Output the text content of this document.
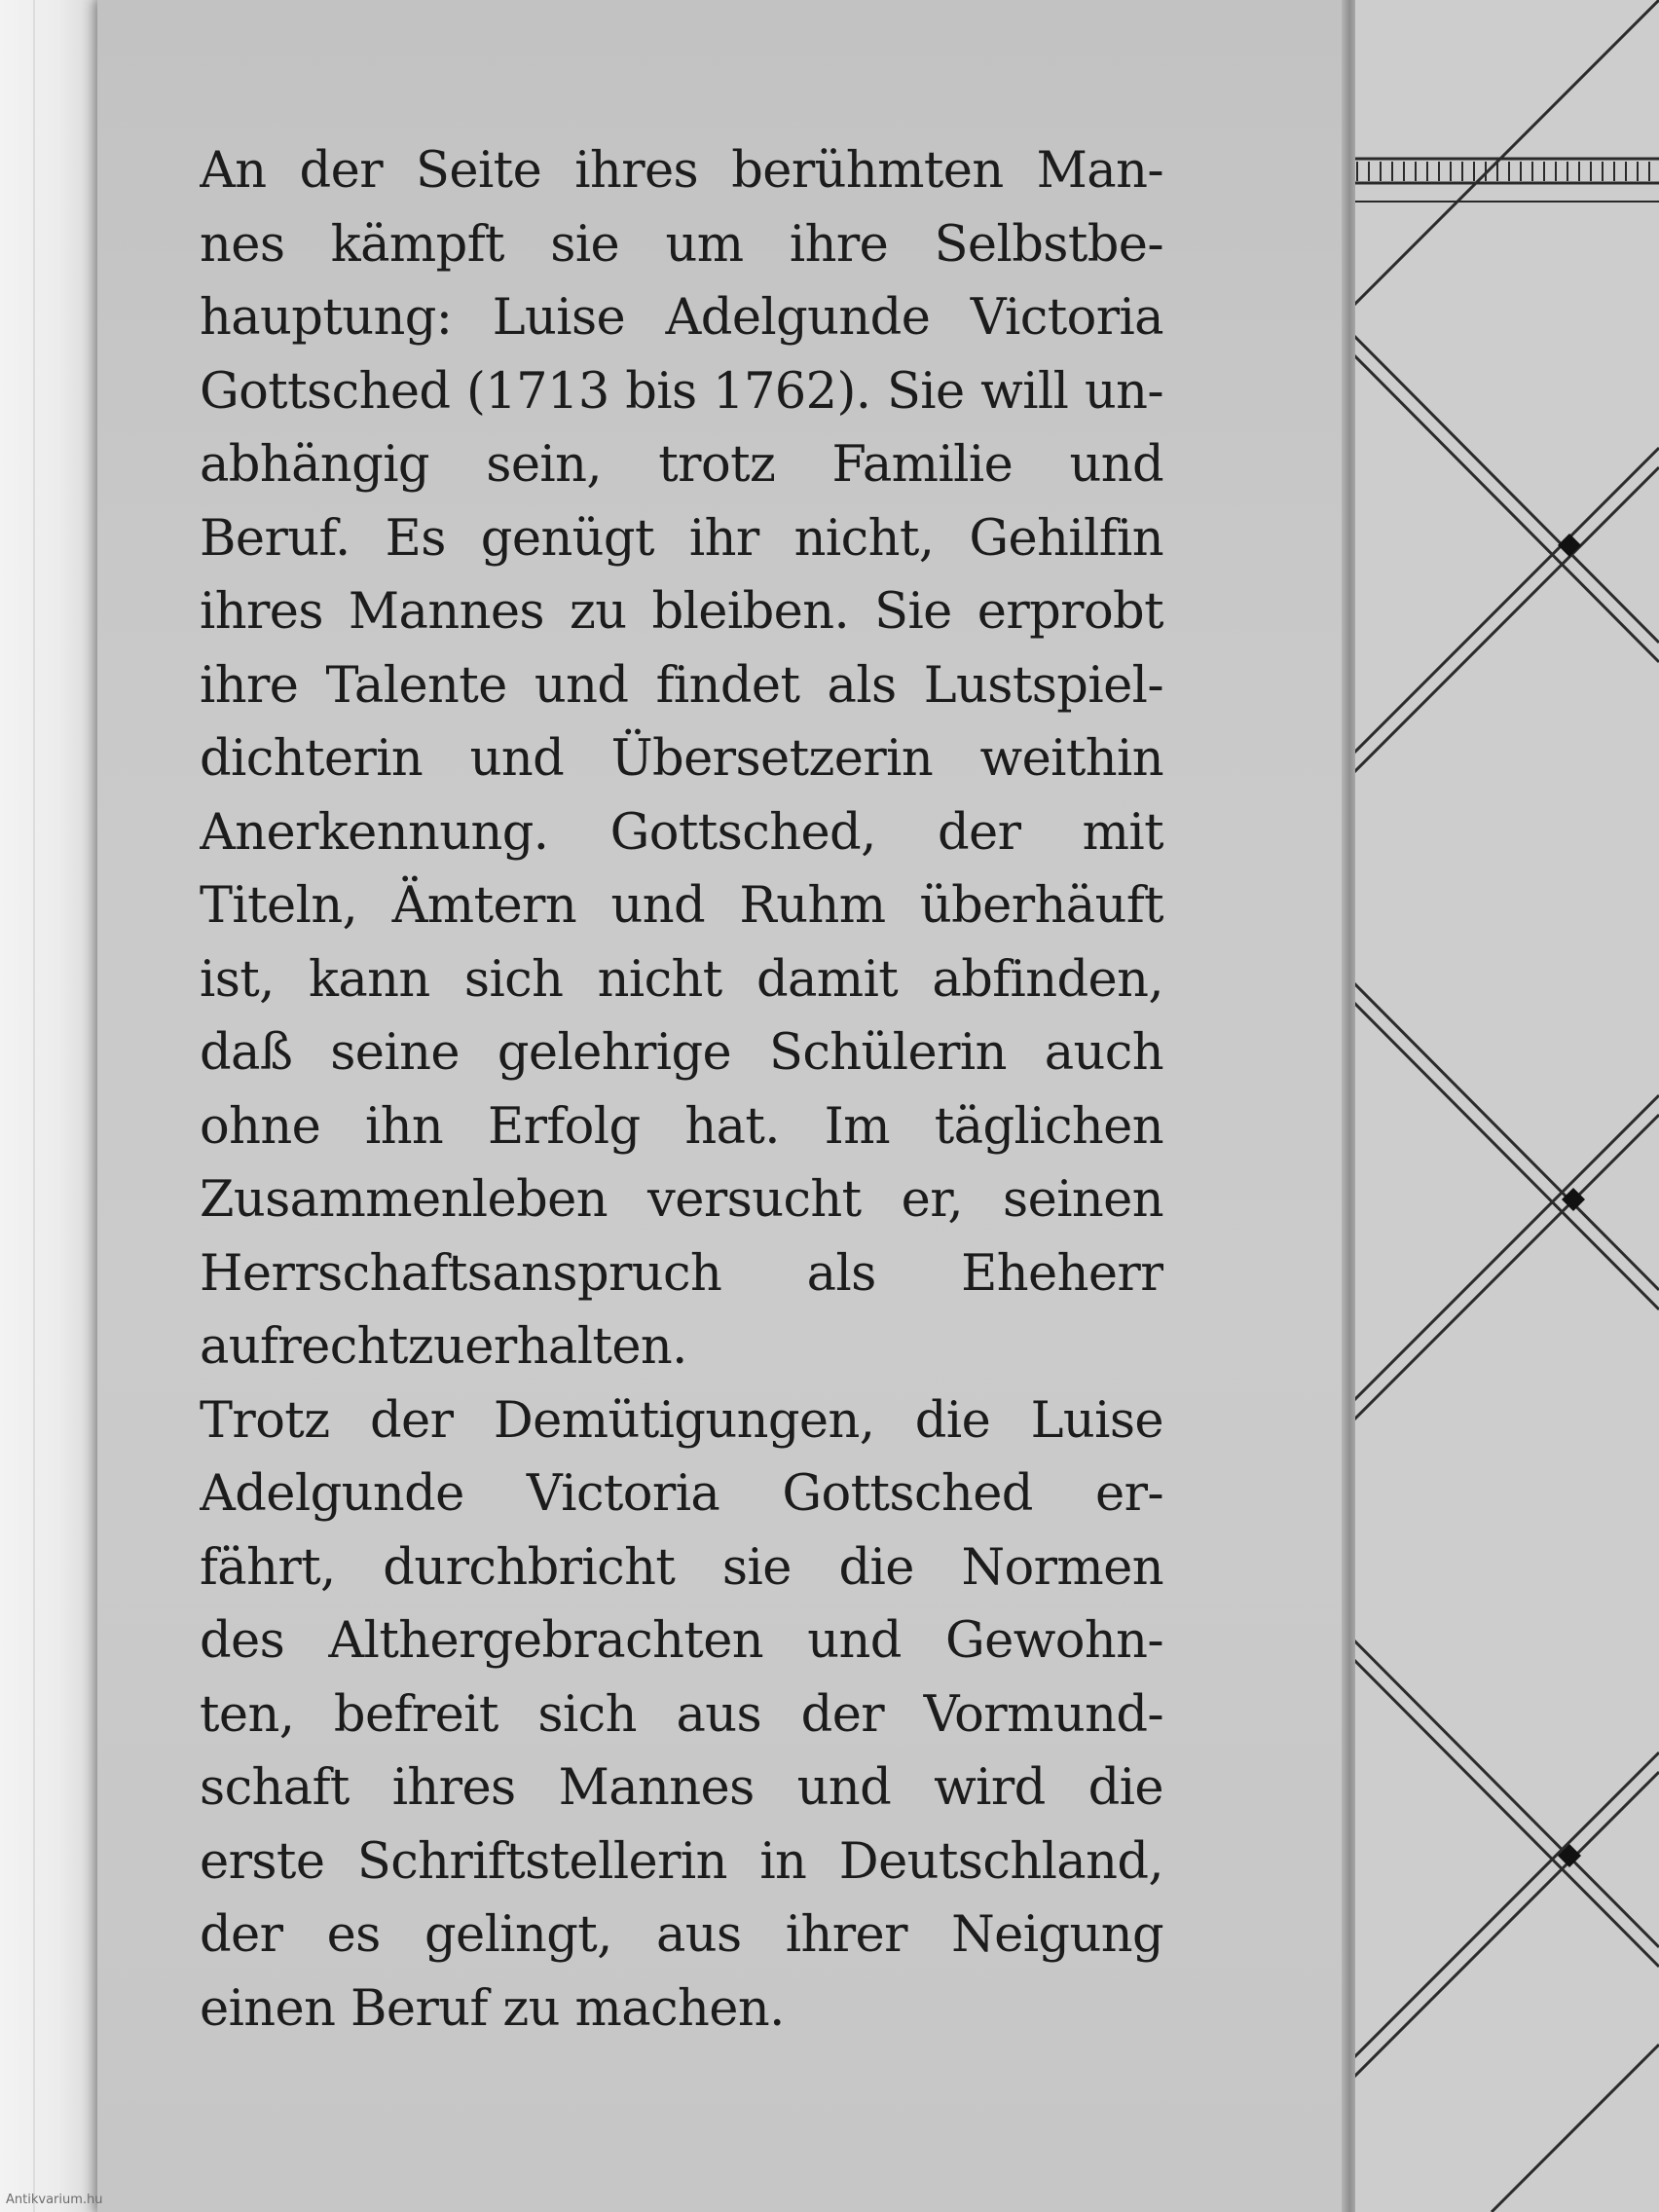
An der Seite ihres berühmten Man-
nes kämpft sie um ihre Selbstbe-
hauptung: Luise Adelgunde Victoria
Gottsched (1713 bis 1762). Sie will un-
abhängig sein, trotz Familie und
Beruf. Es genügt ihr nicht, Gehilfin
ihres Mannes zu bleiben. Sie erprobt
ihre Talente und findet als Lustspiel-
dichterin und Übersetzerin weithin
Anerkennung. Gottsched, der mit
Titeln, Ämtern und Ruhm überhäuft
ist, kann sich nicht damit abfinden,
daß seine gelehrige Schülerin auch
ohne ihn Erfolg hat. Im täglichen
Zusammenleben versucht er, seinen
Herrschaftsanspruch als Eheherr
aufrechtzuerhalten.
Trotz der Demütigungen, die Luise
Adelgunde Victoria Gottsched er-
fährt, durchbricht sie die Normen
des Althergebrachten und Gewohn-
ten, befreit sich aus der Vormund-
schaft ihres Mannes und wird die
erste Schriftstellerin in Deutschland,
der es gelingt, aus ihrer Neigung
einen Beruf zu machen.
Antikvarium.hu
